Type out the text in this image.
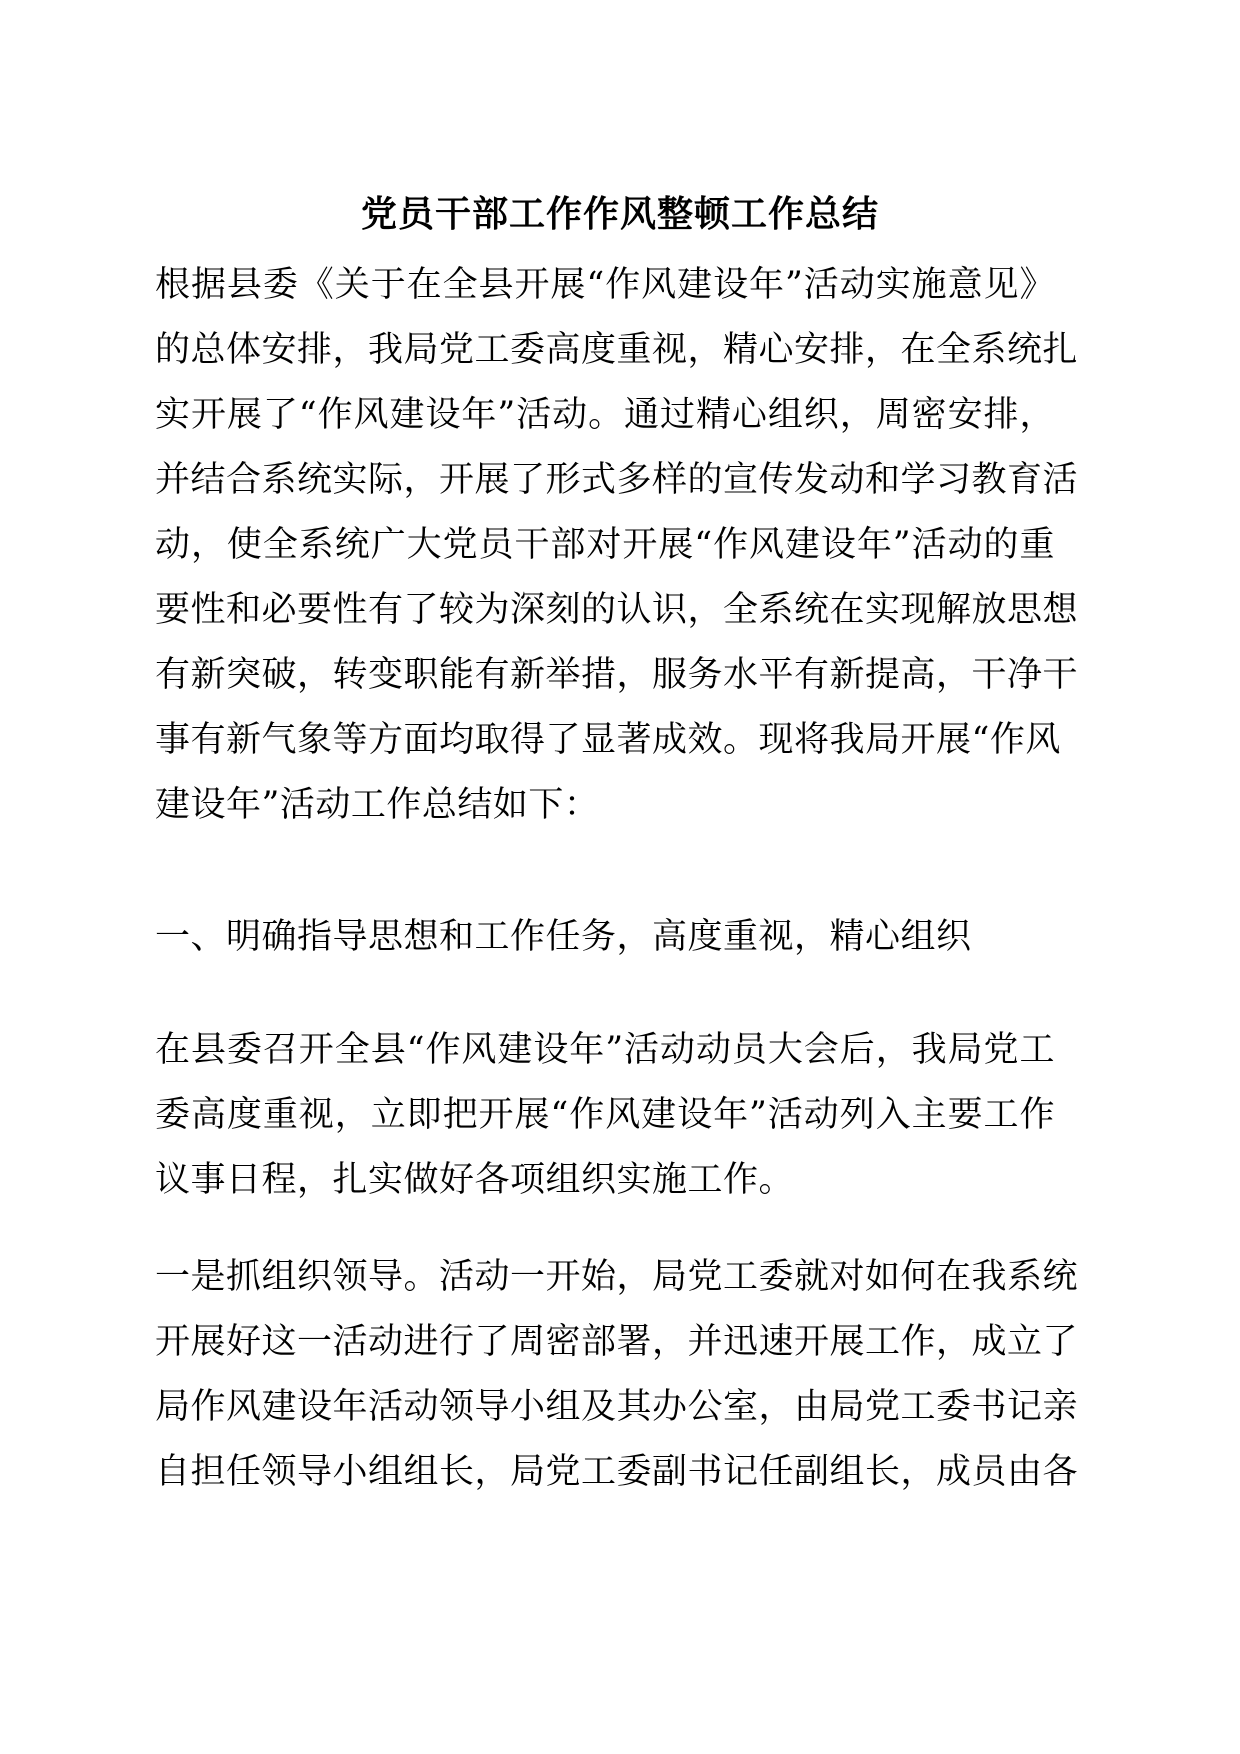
党员干部工作作风整顿工作总结
根据县委《关于在全县开展“作风建设年”活动实施意见》
的总体安排，我局党工委高度重视，精心安排，在全系统扎
实开展了“作风建设年”活动。通过精心组织，周密安排，
并结合系统实际，开展了形式多样的宣传发动和学习教育活
动，使全系统广大党员干部对开展“作风建设年”活动的重
要性和必要性有了较为深刻的认识，全系统在实现解放思想
有新突破，转变职能有新举措，服务水平有新提高，干净干
事有新气象等方面均取得了显著成效。现将我局开展“作风
建设年”活动工作总结如下：
一、明确指导思想和工作任务，高度重视，精心组织
在县委召开全县“作风建设年”活动动员大会后，我局党工
委高度重视，立即把开展“作风建设年”活动列入主要工作
议事日程，扎实做好各项组织实施工作。
一是抓组织领导。活动一开始，局党工委就对如何在我系统
开展好这一活动进行了周密部署，并迅速开展工作，成立了
局作风建设年活动领导小组及其办公室，由局党工委书记亲
自担任领导小组组长，局党工委副书记任副组长，成员由各
